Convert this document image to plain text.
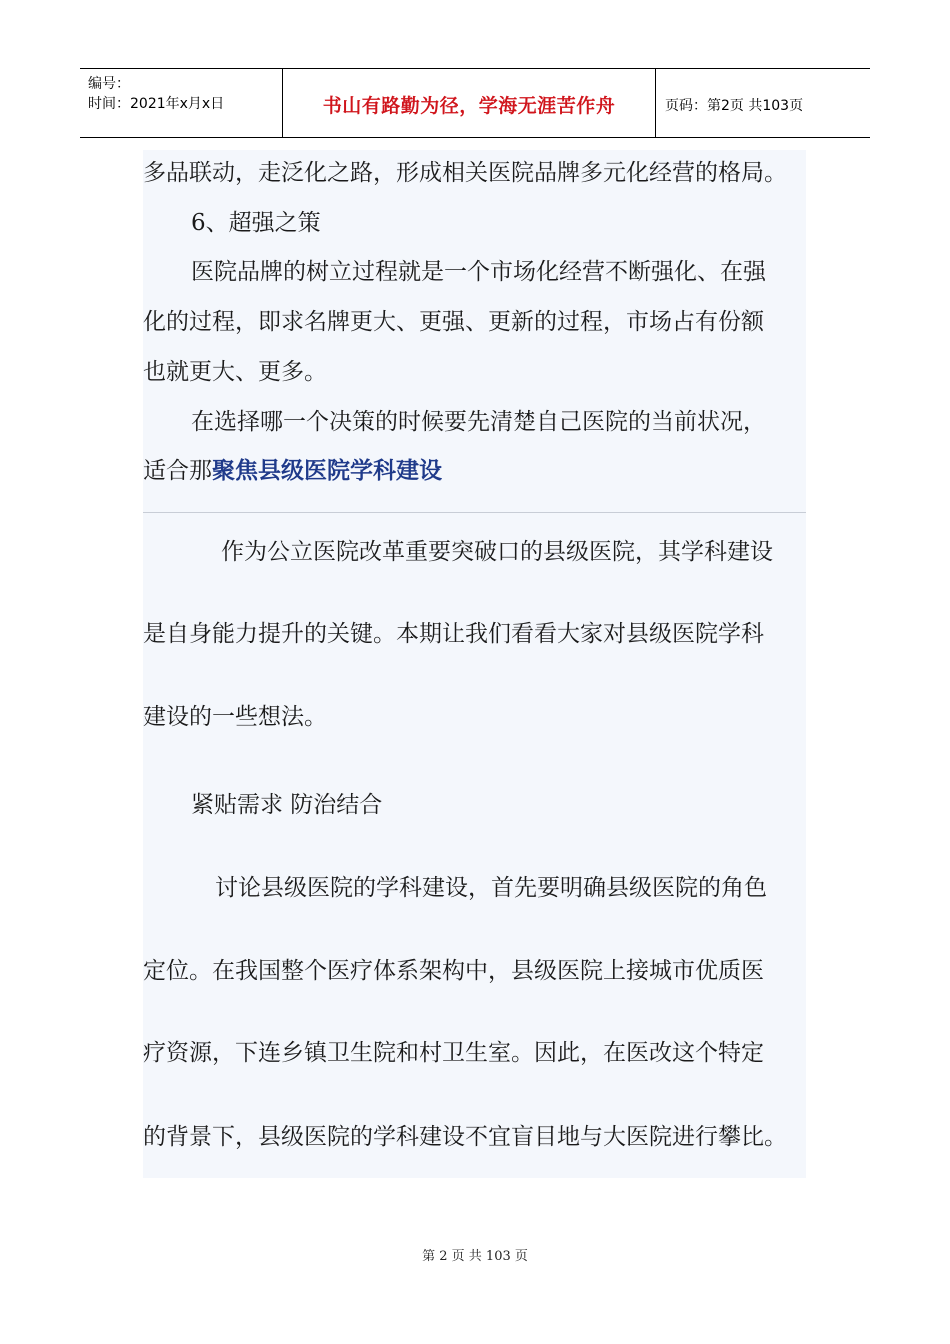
编号：
时间：2021年x月x日	书山有路勤为径，学海无涯苦作舟	页码：第2页 共103页
多品联动，走泛化之路，形成相关医院品牌多元化经营的格局。
6、超强之策
医院品牌的树立过程就是一个市场化经营不断强化、在强
化的过程，即求名牌更大、更强、更新的过程，市场占有份额
也就更大、更多。
在选择哪一个决策的时候要先清楚自己医院的当前状况，
适合那聚焦县级医院学科建设
作为公立医院改革重要突破口的县级医院，其学科建设
是自身能力提升的关键。本期让我们看看大家对县级医院学科
建设的一些想法。
紧贴需求 防治结合
讨论县级医院的学科建设，首先要明确县级医院的角色
定位。在我国整个医疗体系架构中，县级医院上接城市优质医
疗资源，下连乡镇卫生院和村卫生室。因此，在医改这个特定
的背景下，县级医院的学科建设不宜盲目地与大医院进行攀比。
第 2 页 共 103 页
